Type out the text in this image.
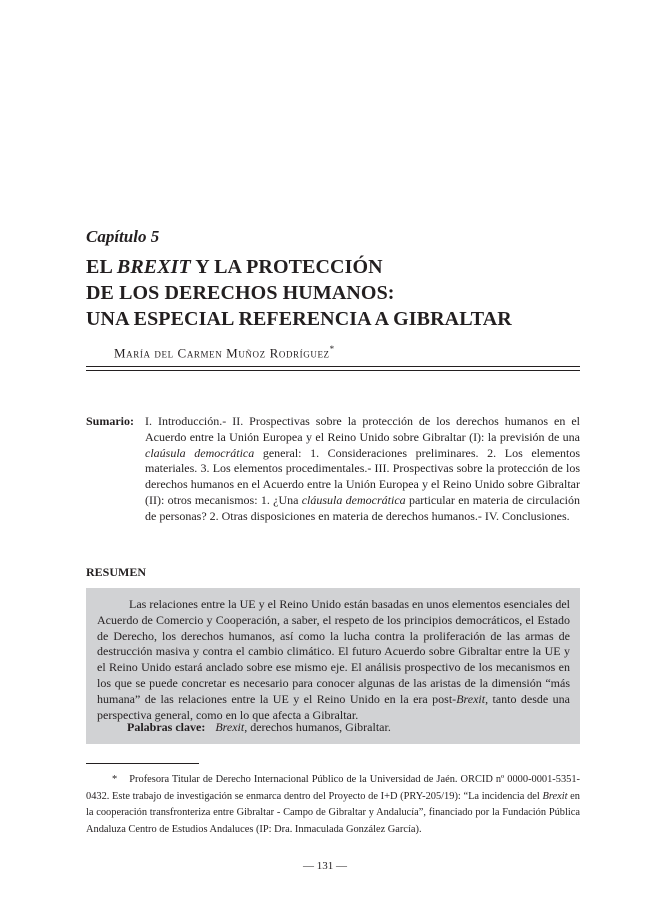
Capítulo 5
EL BREXIT Y LA PROTECCIÓN
DE LOS DERECHOS HUMANOS:
UNA ESPECIAL REFERENCIA A GIBRALTAR
María del Carmen Muñoz Rodríguez*
Sumario: I. Introducción.- II. Prospectivas sobre la protección de los derechos humanos en el Acuerdo entre la Unión Europea y el Reino Unido sobre Gibraltar (I): la previsión de una claúsula democrática general: 1. Consideraciones preliminares. 2. Los elementos materiales. 3. Los elementos procedimentales.- III. Prospectivas sobre la protección de los derechos humanos en el Acuerdo entre la Unión Europea y el Reino Unido sobre Gibraltar (II): otros mecanismos: 1. ¿Una cláusula democrática particular en materia de circulación de personas? 2. Otras disposiciones en materia de derechos humanos.- IV. Conclusiones.
RESUMEN
Las relaciones entre la UE y el Reino Unido están basadas en unos elementos esenciales del Acuerdo de Comercio y Cooperación, a saber, el respeto de los principios democráticos, el Estado de Derecho, los derechos humanos, así como la lucha contra la proliferación de las armas de destrucción masiva y contra el cambio climático. El futuro Acuerdo sobre Gibraltar entre la UE y el Reino Unido estará anclado sobre ese mismo eje. El análisis prospectivo de los mecanismos en los que se puede concretar es necesario para conocer algunas de las aristas de la dimensión “más humana” de las relaciones entre la UE y el Reino Unido en la era post-Brexit, tanto desde una perspectiva general, como en lo que afecta a Gibraltar.
Palabras clave: Brexit, derechos humanos, Gibraltar.
* Profesora Titular de Derecho Internacional Público de la Universidad de Jaén. ORCID nº 0000-0001-5351-0432. Este trabajo de investigación se enmarca dentro del Proyecto de I+D (PRY-205/19): “La incidencia del Brexit en la cooperación transfronteriza entre Gibraltar - Campo de Gibraltar y Andalucía”, financiado por la Fundación Pública Andaluza Centro de Estudios Andaluces (IP: Dra. Inmaculada González García).
— 131 —
